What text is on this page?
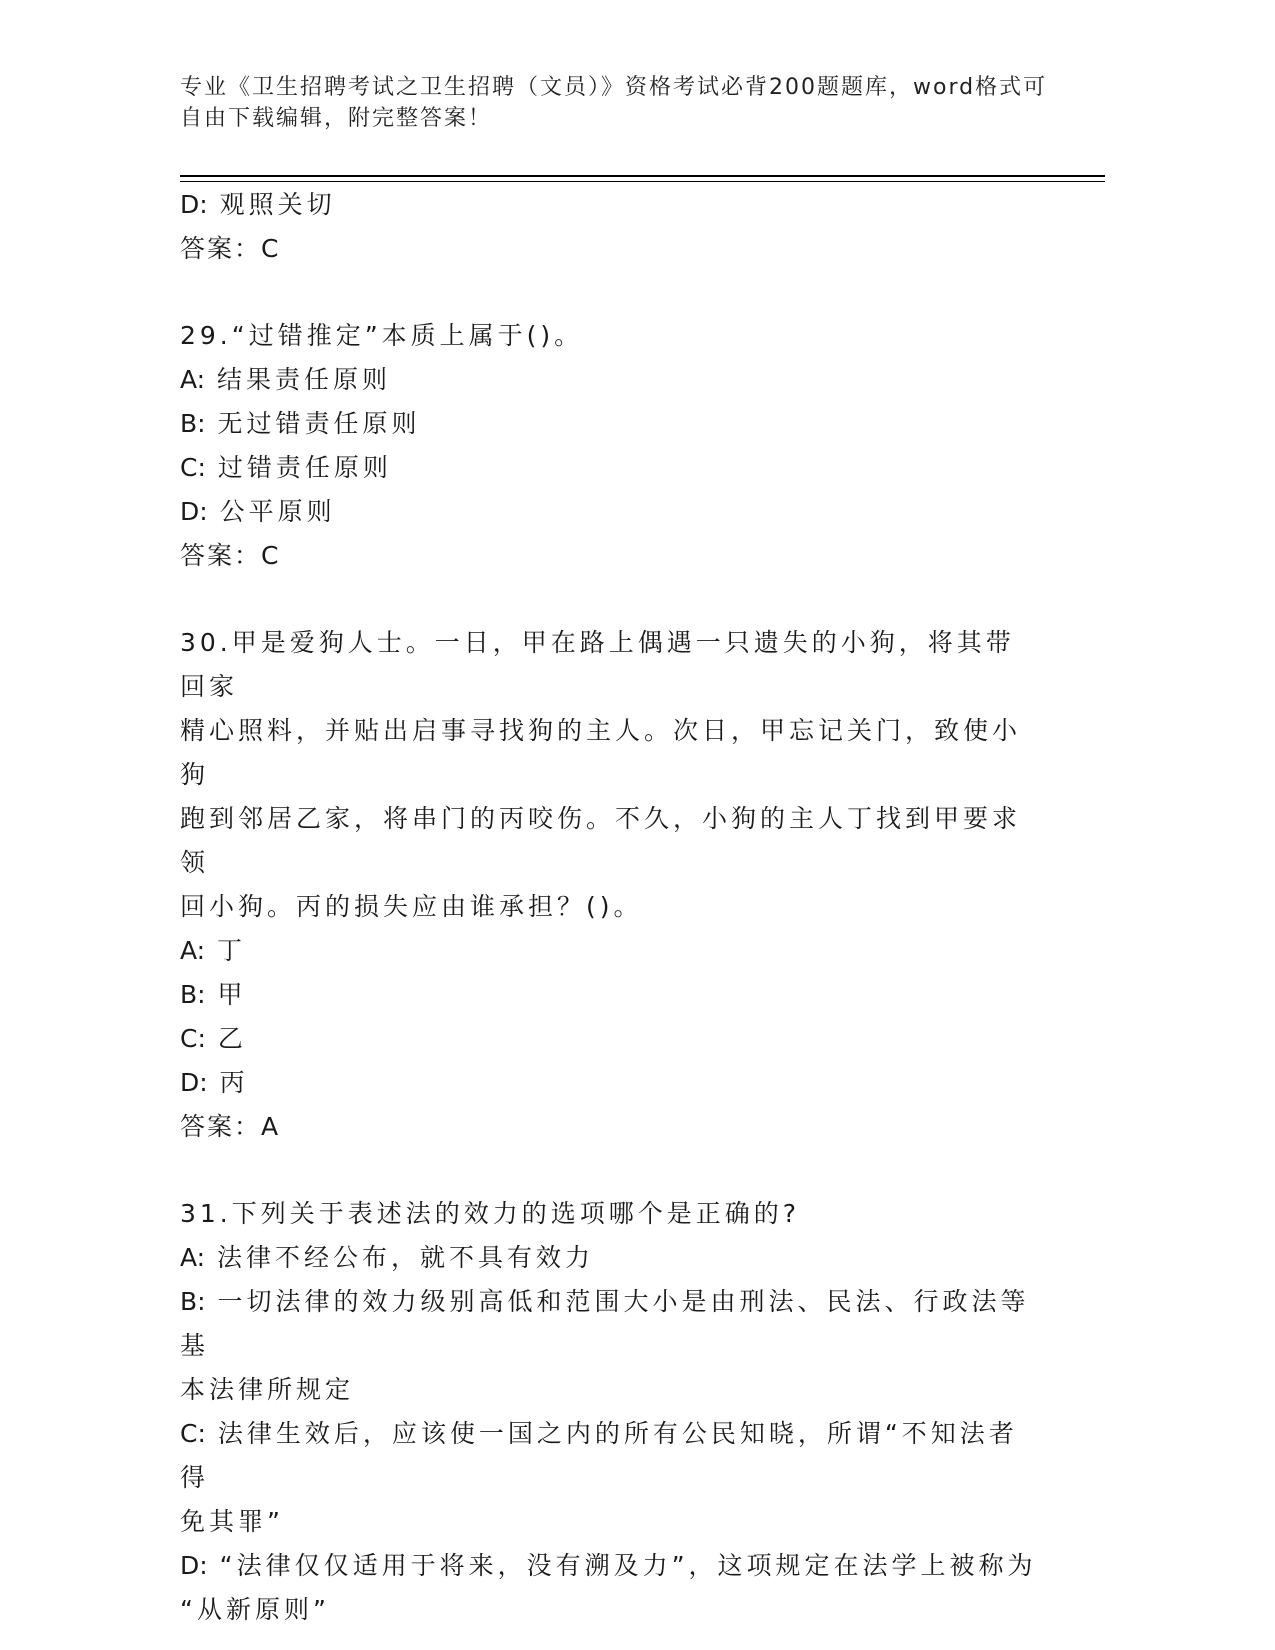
专业《卫生招聘考试之卫生招聘（文员）》资格考试必背200题题库，word格式可自由下载编辑，附完整答案！
D: 观照关切
答案：C
29.“过错推定”本质上属于()。
A: 结果责任原则
B: 无过错责任原则
C: 过错责任原则
D: 公平原则
答案：C
30.甲是爱狗人士。一日，甲在路上偶遇一只遗失的小狗，将其带回家
精心照料，并贴出启事寻找狗的主人。次日，甲忘记关门，致使小狗
跑到邻居乙家，将串门的丙咬伤。不久，小狗的主人丁找到甲要求领
回小狗。丙的损失应由谁承担？()。
A: 丁
B: 甲
C: 乙
D: 丙
答案：A
31.下列关于表述法的效力的选项哪个是正确的?
A: 法律不经公布，就不具有效力
B: 一切法律的效力级别高低和范围大小是由刑法、民法、行政法等基
本法律所规定
C: 法律生效后，应该使一国之内的所有公民知晓，所谓“不知法者得
免其罪”
D: “法律仅仅适用于将来，没有溯及力”，这项规定在法学上被称为
“从新原则”
